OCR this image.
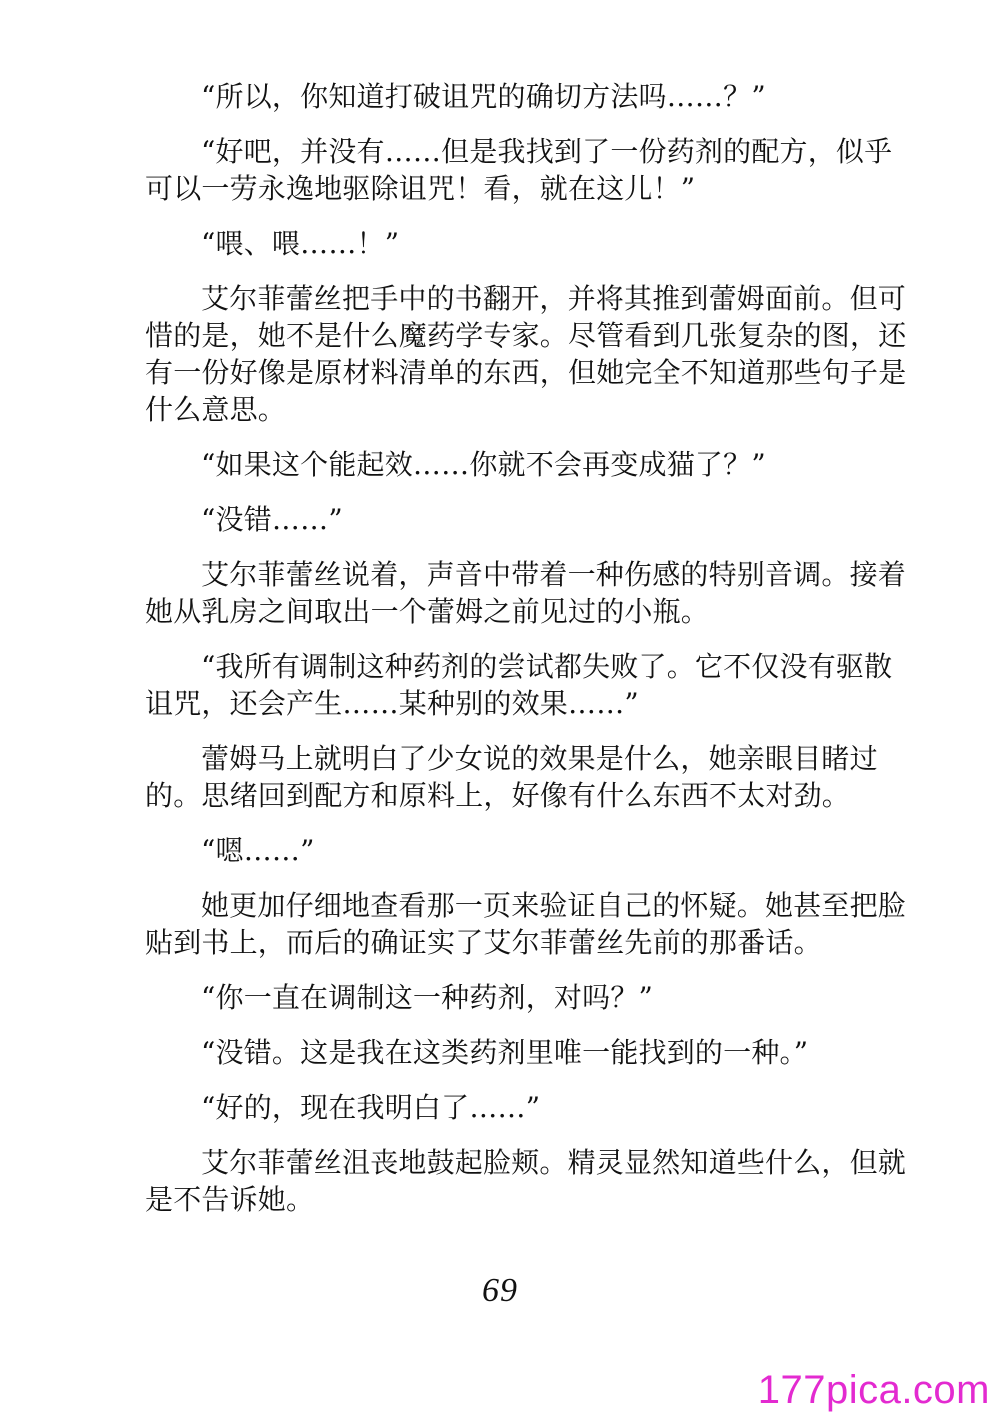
“所以，你知道打破诅咒的确切方法吗……？”

“好吧，并没有……但是我找到了一份药剂的配方，似乎可以一劳永逸地驱除诅咒！看，就在这儿！”

“喂、喂……！”

艾尔菲蕾丝把手中的书翻开，并将其推到蕾姆面前。但可惜的是，她不是什么魔药学专家。尽管看到几张复杂的图，还有一份好像是原材料清单的东西，但她完全不知道那些句子是什么意思。

“如果这个能起效……你就不会再变成猫了？”

“没错……”

艾尔菲蕾丝说着，声音中带着一种伤感的特别音调。接着她从乳房之间取出一个蕾姆之前见过的小瓶。

“我所有调制这种药剂的尝试都失败了。它不仅没有驱散诅咒，还会产生……某种别的效果……”

蕾姆马上就明白了少女说的效果是什么，她亲眼目睹过的。思绪回到配方和原料上，好像有什么东西不太对劲。

“嗯……”

她更加仔细地查看那一页来验证自己的怀疑。她甚至把脸贴到书上，而后的确证实了艾尔菲蕾丝先前的那番话。

“你一直在调制这一种药剂，对吗？”

“没错。这是我在这类药剂里唯一能找到的一种。”

“好的，现在我明白了……”

艾尔菲蕾丝沮丧地鼓起脸颊。精灵显然知道些什么，但就是不告诉她。

69
177pica.com
